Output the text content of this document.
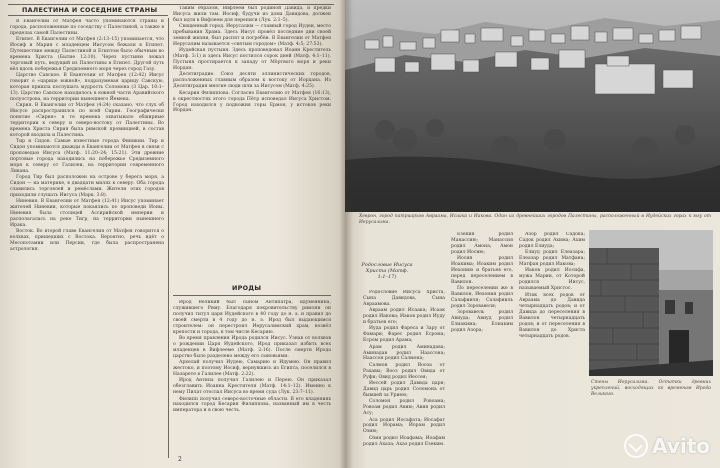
ПАЛЕСТИНА И СОСЕДНИЕ СТРАНЫ

В Евангелии от Матфея часто упоминаются страны и города, расположенные по соседству с Палестиной, а также в пределах самой Палестины.

Египет. В Евангелии от Матфея (2:13–15) упоминается, что Иосиф и Мария с младенцем Иисусом бежали в Египет. Путешествие между Палестиной и Египтом было обычным во времена Христа (Бытие 12:10). Через пустыню лежал торговый путь, ведущий из Палестины в Египет. Другой путь вёл вдоль побережья Средиземного моря через город Газу.

Царство Савское. В Евангелии от Матфея (12:42) Иисус говорит о «царице южной», подразумевая царицу Савскую, которая пришла послушать мудрость Соломона (3 Цар. 10:1–13). Царство Савское находилось в южной части Аравийского полуострова, на территории нынешнего Йемена.

Сирия. В Евангелии от Матфея (4:24) сказано, что слух об Иисусе распространился по всей Сирии. Географически понятие «Сирия» в те времена охватывало обширные территории к северу и северо-востоку от Палестины. Во времена Христа Сирия была римской провинцией, в состав которой входила и Палестина.

Тир и Сидон. Самые известные города Финикии. Тир и Сидон упоминаются дважды в Евангелии от Матфея в связи с проповедью Иисуса (Матф. 11:20–24; 15:21). Эти древние портовые города находились на побережье Средиземного моря к северу от Галилеи, на территории современного Ливана.

Город Тир был расположен на острове у берега моря, а Сидон — на материке, в двадцати милях к северу. Оба города славились торговлей и ремёслами. Жители этих городов приходили слушать Иисуса (Марк. 3:8).

Ниневия. В Евангелии от Матфея (12:41) Иисус упоминает жителей Ниневии, которые покаялись по проповеди Ионы. Ниневия была столицей Ассирийской империи и располагалась на реке Тигр, на территории нынешнего Ирака.

Восток. Во второй главе Евангелия от Матфея говорится о волхвах, пришедших с Востока. Вероятно, речь идёт о Месопотамии или Персии, где была распространена астрология.

Таким образом, Вифлеем был родиной Давида, и предки Иисуса жили там. Иосиф, будучи из дома Давидова, должен был идти в Вифлеем для переписи (Лук. 2:1–5).

Священный город. Иерусалим — главный город Иудеи, место пребывания Храма. Здесь Иисус провёл последние дни своей земной жизни, был распят и погребён. В Евангелии от Матфея Иерусалим называется «святым городом» (Матф. 4:5; 27:53).

Иудейская пустыня. Здесь проповедовал Иоанн Креститель (Матф. 3:1) и здесь Иисус постился сорок дней (Матф. 4:1–11). Пустыня простирается к западу от Мёртвого моря и реки Иордан.

Десятиградие. Союз десяти эллинистических городов, расположенных главным образом к востоку от Иордана. Из Десятиградия многие люди шли за Иисусом (Матф. 4:25).

Кесария Филиппова. Согласно Евангелию от Матфея (16:13), в окрестностях этого города Пётр исповедал Иисуса Христом. Город находился у подножия горы Ермон, у истоков реки Иордан.

ИРОДЫ

Ирод Великий был сыном Антипатра, идумеянина, служившего Риму. Благодаря покровительству римлян он получил титул царя Иудейского в 40 году до н. э. и правил до своей смерти в 4 году до н. э. Ирод был выдающимся строителем: он перестроил Иерусалимский храм, возвёл крепости и города, в том числе Кесарию.

Во время правления Ирода родился Иисус. Узнав от волхвов о рождении Царя Иудейского, Ирод приказал избить всех младенцев в Вифлееме (Матф. 2:16). После смерти Ирода царство было разделено между его сыновьями.

Архелай получил Иудею, Самарию и Идумею. Он правил жестоко, и поэтому Иосиф, вернувшись из Египта, поселился в Назарете в Галилее (Матф. 2:22).

Ирод Антипа получил Галилею и Перею. Он приказал обезглавить Иоанна Крестителя (Матф. 14:1–12). Именно к нему Пилат отослал Иисуса во время суда (Лук. 23:7–11).

Филипп получил северо-восточные области. В его владениях находился город Кесария Филиппова, названный им в честь императора и в свою честь.

2
Хеврон, город патриархов Авраама, Исаака и Иакова. Один из древнейших городов Палестины, расположенный в Иудейских горах к югу от Иерусалима.
Родословие Иисуса Христа (Матф. 1:1–17)

Родословие Иисуса Христа, Сына Давидова, Сына Авраамова.

Авраам родил Исаака; Исаак родил Иакова; Иаков родил Иуду и братьев его;

Иуда родил Фареса и Зару от Фамари; Фарес родил Есрома; Есром родил Арама;

Арам родил Аминадава; Аминадав родил Наассона; Наассон родил Салмона;

Салмон родил Вооза от Рахавы; Вооз родил Овида от Руфи; Овид родил Иессея;

Иессей родил Давида царя; Давид царь родил Соломона от бывшей за Уриею;

Соломон родил Ровоама; Ровоам родил Авию; Авия родил Асу;

Аса родил Иосафата; Иосафат родил Иорама; Иорам родил Озию;

Озия родил Иоафама; Иоафам родил Ахаза; Ахаз родил Езекию.

Езекия родил Манассию; Манассия родил Амона; Амон родил Иосию;

Иосия родил Иоакима; Иоаким родил Иехонию и братьев его, перед переселением в Вавилон.

По переселении же в Вавилон, Иехония родил Салафииля; Салафииль родил Зоровавеля;

Зоровавель родил Авиуда; Авиуд родил Елиакима; Елиаким родил Азора;

Азор родил Садока; Садок родил Ахима; Ахим родил Елиуда;

Елиуд родил Елеазара; Елеазар родил Матфана; Матфан родил Иакова;

Иаков родил Иосифа, мужа Марии, от Которой родился Иисус, называемый Христос.

Итак всех родов от Авраама до Давида четырнадцать родов; и от Давида до переселения в Вавилон четырнадцать родов; и от переселения в Вавилон до Христа четырнадцать родов.

Стены Иерусалима. Остатки древних укреплений, восходящих ко временам Ирода Великого.
Avito
